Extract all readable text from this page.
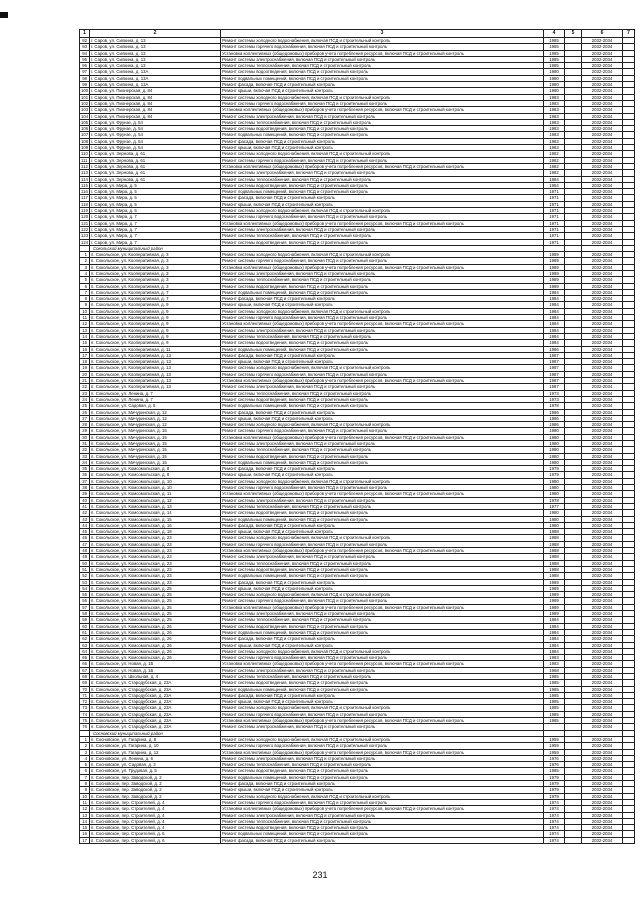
1	2	3	4	5	6	7
92	г. Саров, ул. Силкина, д. 13	Ремонт системы холодного водоснабжения, включая ПСД и строительный контроль	1985		2032-2034	
93	г. Саров, ул. Силкина, д. 13	Ремонт системы горячего водоснабжения, включая ПСД и строительный контроль	1985		2032-2034	
94	г. Саров, ул. Силкина, д. 13	Установка коллективных (общедомовых) приборов учета потребления ресурсов, включая ПСД и строительный контроль	1985		2032-2034	
95	г. Саров, ул. Силкина, д. 13	Ремонт системы электроснабжения, включая ПСД и строительный контроль	1985		2032-2034	
96	г. Саров, ул. Силкина, д. 13	Ремонт системы теплоснабжения, включая ПСД и строительный контроль	1985		2032-2034	
97	г. Саров, ул. Силкина, д. 13А	Ремонт системы водоотведения, включая ПСД и строительный контроль	1980		2032-2034	
98	г. Саров, ул. Силкина, д. 13А	Ремонт подвальных помещений, включая ПСД и строительный контроль	1980		2032-2034	
99	г. Саров, ул. Силкина, д. 13А	Ремонт фасада, включая ПСД и строительный контроль	1980		2032-2034	
100	г. Саров, ул. Пионерская, д. 84	Ремонт крыши, включая ПСД и строительный контроль	1980		2032-2034	
101	г. Саров, ул. Пионерская, д. 84	Ремонт системы холодного водоснабжения, включая ПСД и строительный контроль	1983		2032-2034	
102	г. Саров, ул. Пионерская, д. 84	Ремонт системы горячего водоснабжения, включая ПСД и строительный контроль	1983		2032-2034	
103	г. Саров, ул. Пионерская, д. 84	Установка коллективных (общедомовых) приборов учета потребления ресурсов, включая ПСД и строительный контроль	1983		2032-2034	
104	г. Саров, ул. Пионерская, д. 84	Ремонт системы электроснабжения, включая ПСД и строительный контроль	1983		2032-2034	
105	г. Саров, ул. Фрунзе, д. 54	Ремонт системы теплоснабжения, включая ПСД и строительный контроль	1983		2032-2034	
106	г. Саров, ул. Фрунзе, д. 54	Ремонт системы водоотведения, включая ПСД и строительный контроль	1983		2032-2034	
107	г. Саров, ул. Фрунзе, д. 54	Ремонт подвальных помещений, включая ПСД и строительный контроль	1983		2032-2034	
108	г. Саров, ул. Фрунзе, д. 54	Ремонт фасада, включая ПСД и строительный контроль	1983		2032-2034	
109	г. Саров, ул. Фрунзе, д. 54	Ремонт крыши, включая ПСД и строительный контроль	1983		2032-2034	
110	г. Саров, ул. Зернова, д. 61	Ремонт системы холодного водоснабжения, включая ПСД и строительный контроль	1982		2032-2034	
111	г. Саров, ул. Зернова, д. 61	Ремонт системы горячего водоснабжения, включая ПСД и строительный контроль	1982		2032-2034	
112	г. Саров, ул. Зернова, д. 61	Установка коллективных (общедомовых) приборов учета потребления ресурсов, включая ПСД и строительный контроль	1982		2032-2034	
113	г. Саров, ул. Зернова, д. 61	Ремонт системы электроснабжения, включая ПСД и строительный контроль	1982		2032-2034	
114	г. Саров, ул. Зернова, д. 61	Ремонт системы теплоснабжения, включая ПСД и строительный контроль	1984		2032-2034	
115	г. Саров, ул. Мира, д. 5	Ремонт системы водоотведения, включая ПСД и строительный контроль	1984		2032-2034	
116	г. Саров, ул. Мира, д. 5	Ремонт подвальных помещений, включая ПСД и строительный контроль	1971		2032-2034	
117	г. Саров, ул. Мира, д. 5	Ремонт фасада, включая ПСД и строительный контроль	1971		2032-2034	
118	г. Саров, ул. Мира, д. 5	Ремонт крыши, включая ПСД и строительный контроль	1971		2032-2034	
119	г. Саров, ул. Мира, д. 5	Ремонт системы холодного водоснабжения, включая ПСД и строительный контроль	1971		2032-2034	
120	г. Саров, ул. Мира, д. 7	Ремонт системы горячего водоснабжения, включая ПСД и строительный контроль	1971		2032-2034	
121	г. Саров, ул. Мира, д. 7	Установка коллективных (общедомовых) приборов учета потребления ресурсов, включая ПСД и строительный контроль	1971		2032-2034	
122	г. Саров, ул. Мира, д. 7	Ремонт системы электроснабжения, включая ПСД и строительный контроль	1971		2032-2034	
123	г. Саров, ул. Мира, д. 7	Ремонт системы теплоснабжения, включая ПСД и строительный контроль	1971		2032-2034	
124	г. Саров, ул. Мира, д. 7	Ремонт системы водоотведения, включая ПСД и строительный контроль	1971		2032-2034	
	Сокольский муниципальный район					
1	п. Сокольское, ул. Кооперативная, д. 3	Ремонт системы холодного водоснабжения, включая ПСД и строительный контроль	1989		2032-2034	
2	п. Сокольское, ул. Кооперативная, д. 3	Ремонт системы горячего водоснабжения, включая ПСД и строительный контроль	1989		2032-2034	
3	п. Сокольское, ул. Кооперативная, д. 3	Установка коллективных (общедомовых) приборов учета потребления ресурсов, включая ПСД и строительный контроль	1989		2032-2034	
4	п. Сокольское, ул. Кооперативная, д. 3	Ремонт системы электроснабжения, включая ПСД и строительный контроль	1989		2032-2034	
5	п. Сокольское, ул. Кооперативная, д. 3	Ремонт системы теплоснабжения, включая ПСД и строительный контроль	1989		2032-2034	
6	п. Сокольское, ул. Кооперативная, д. 3	Ремонт системы водоотведения, включая ПСД и строительный контроль	1989		2032-2034	
7	п. Сокольское, ул. Кооперативная, д. 7	Ремонт подвальных помещений, включая ПСД и строительный контроль	1984		2032-2034	
8	п. Сокольское, ул. Кооперативная, д. 7	Ремонт фасада, включая ПСД и строительный контроль	1984		2032-2034	
9	п. Сокольское, ул. Кооперативная, д. 9	Ремонт крыши, включая ПСД и строительный контроль	1984		2032-2034	
10	п. Сокольское, ул. Кооперативная, д. 9	Ремонт системы холодного водоснабжения, включая ПСД и строительный контроль	1984		2032-2034	
11	п. Сокольское, ул. Кооперативная, д. 9	Ремонт системы горячего водоснабжения, включая ПСД и строительный контроль	1984		2032-2034	
12	п. Сокольское, ул. Кооперативная, д. 9	Установка коллективных (общедомовых) приборов учета потребления ресурсов, включая ПСД и строительный контроль	1984		2032-2034	
13	п. Сокольское, ул. Кооперативная, д. 9	Ремонт системы электроснабжения, включая ПСД и строительный контроль	1984		2032-2034	
14	п. Сокольское, ул. Кооперативная, д. 9	Ремонт системы теплоснабжения, включая ПСД и строительный контроль	1984		2032-2034	
15	п. Сокольское, ул. Кооперативная, д. 9	Ремонт системы водоотведения, включая ПСД и строительный контроль	1984		2032-2034	
16	п. Сокольское, ул. Кооперативная, д. 11	Ремонт подвальных помещений, включая ПСД и строительный контроль	1986		2032-2034	
17	п. Сокольское, ул. Кооперативная, д. 13	Ремонт фасада, включая ПСД и строительный контроль	1987		2032-2034	
18	п. Сокольское, ул. Кооперативная, д. 13	Ремонт крыши, включая ПСД и строительный контроль	1987		2032-2034	
19	п. Сокольское, ул. Кооперативная, д. 13	Ремонт системы холодного водоснабжения, включая ПСД и строительный контроль	1987		2032-2034	
20	п. Сокольское, ул. Кооперативная, д. 13	Ремонт системы горячего водоснабжения, включая ПСД и строительный контроль	1987		2032-2034	
21	п. Сокольское, ул. Кооперативная, д. 13	Установка коллективных (общедомовых) приборов учета потребления ресурсов, включая ПСД и строительный контроль	1987		2032-2034	
22	п. Сокольское, ул. Кооперативная, д. 13	Ремонт системы электроснабжения, включая ПСД и строительный контроль	1987		2032-2034	
23	п. Сокольское, ул. Ленина, д. 7	Ремонт системы теплоснабжения, включая ПСД и строительный контроль	1973		2032-2034	
24	п. Сокольское, ул. Ленина, д. 7	Ремонт системы водоотведения, включая ПСД и строительный контроль	1973		2032-2034	
25	п. Сокольское, ул. Садовая, д. 6	Ремонт подвальных помещений, включая ПСД и строительный контроль	1978		2032-2034	
26	п. Сокольское, ул. Мичуринская, д. 12	Ремонт фасада, включая ПСД и строительный контроль	1986		2032-2034	
27	п. Сокольское, ул. Мичуринская, д. 12	Ремонт крыши, включая ПСД и строительный контроль	1986		2032-2034	
28	п. Сокольское, ул. Мичуринская, д. 12	Ремонт системы холодного водоснабжения, включая ПСД и строительный контроль	1986		2032-2034	
29	п. Сокольское, ул. Мичуринская, д. 15	Ремонт системы горячего водоснабжения, включая ПСД и строительный контроль	1980		2032-2034	
30	п. Сокольское, ул. Мичуринская, д. 15	Установка коллективных (общедомовых) приборов учета потребления ресурсов, включая ПСД и строительный контроль	1980		2032-2034	
31	п. Сокольское, ул. Мичуринская, д. 15	Ремонт системы электроснабжения, включая ПСД и строительный контроль	1980		2032-2034	
32	п. Сокольское, ул. Мичуринская, д. 15	Ремонт системы теплоснабжения, включая ПСД и строительный контроль	1980		2032-2034	
33	п. Сокольское, ул. Мичуринская, д. 15	Ремонт системы водоотведения, включая ПСД и строительный контроль	1980		2032-2034	
34	п. Сокольское, ул. Мичуринская, д. 15	Ремонт подвальных помещений, включая ПСД и строительный контроль	1980		2032-2034	
35	п. Сокольское, ул. Комсомольская, д. 8	Ремонт фасада, включая ПСД и строительный контроль	1979		2032-2034	
36	п. Сокольское, ул. Комсомольская, д. 8	Ремонт крыши, включая ПСД и строительный контроль	1979		2032-2034	
37	п. Сокольское, ул. Комсомольская, д. 10	Ремонт системы холодного водоснабжения, включая ПСД и строительный контроль	1980		2032-2034	
38	п. Сокольское, ул. Комсомольская, д. 10	Ремонт системы горячего водоснабжения, включая ПСД и строительный контроль	1980		2032-2034	
39	п. Сокольское, ул. Комсомольская, д. 11	Установка коллективных (общедомовых) приборов учета потребления ресурсов, включая ПСД и строительный контроль	1980		2032-2034	
40	п. Сокольское, ул. Комсомольская, д. 12	Ремонт системы электроснабжения, включая ПСД и строительный контроль	1978		2032-2034	
41	п. Сокольское, ул. Комсомольская, д. 13	Ремонт системы теплоснабжения, включая ПСД и строительный контроль	1977		2032-2034	
42	п. Сокольское, ул. Комсомольская, д. 14	Ремонт системы водоотведения, включая ПСД и строительный контроль	1980		2032-2034	
43	п. Сокольское, ул. Комсомольская, д. 15	Ремонт подвальных помещений, включая ПСД и строительный контроль	1980		2032-2034	
44	п. Сокольское, ул. Комсомольская, д. 16	Ремонт фасада, включая ПСД и строительный контроль	1980		2032-2034	
45	п. Сокольское, ул. Комсомольская, д. 18	Ремонт крыши, включая ПСД и строительный контроль	1988		2032-2034	
46	п. Сокольское, ул. Комсомольская, д. 23	Ремонт системы холодного водоснабжения, включая ПСД и строительный контроль	1988		2032-2034	
47	п. Сокольское, ул. Комсомольская, д. 23	Ремонт системы горячего водоснабжения, включая ПСД и строительный контроль	1988		2032-2034	
48	п. Сокольское, ул. Комсомольская, д. 23	Установка коллективных (общедомовых) приборов учета потребления ресурсов, включая ПСД и строительный контроль	1988		2032-2034	
49	п. Сокольское, ул. Комсомольская, д. 23	Ремонт системы электроснабжения, включая ПСД и строительный контроль	1988		2032-2034	
50	п. Сокольское, ул. Комсомольская, д. 23	Ремонт системы теплоснабжения, включая ПСД и строительный контроль	1988		2032-2034	
51	п. Сокольское, ул. Комсомольская, д. 23	Ремонт системы водоотведения, включая ПСД и строительный контроль	1988		2032-2034	
52	п. Сокольское, ул. Комсомольская, д. 23	Ремонт подвальных помещений, включая ПСД и строительный контроль	1988		2032-2034	
53	п. Сокольское, ул. Комсомольская, д. 23	Ремонт фасада, включая ПСД и строительный контроль	1989		2032-2034	
54	п. Сокольское, ул. Комсомольская, д. 25	Ремонт крыши, включая ПСД и строительный контроль	1989		2032-2034	
55	п. Сокольское, ул. Комсомольская, д. 25	Ремонт системы холодного водоснабжения, включая ПСД и строительный контроль	1989		2032-2034	
56	п. Сокольское, ул. Комсомольская, д. 25	Ремонт системы горячего водоснабжения, включая ПСД и строительный контроль	1989		2032-2034	
57	п. Сокольское, ул. Комсомольская, д. 25	Установка коллективных (общедомовых) приборов учета потребления ресурсов, включая ПСД и строительный контроль	1989		2032-2034	
58	п. Сокольское, ул. Комсомольская, д. 25	Ремонт системы электроснабжения, включая ПСД и строительный контроль	1989		2032-2034	
59	п. Сокольское, ул. Комсомольская, д. 25	Ремонт системы теплоснабжения, включая ПСД и строительный контроль	1984		2032-2034	
60	п. Сокольское, ул. Комсомольская, д. 26	Ремонт системы водоотведения, включая ПСД и строительный контроль	1984		2032-2034	
61	п. Сокольское, ул. Комсомольская, д. 26	Ремонт подвальных помещений, включая ПСД и строительный контроль	1984		2032-2034	
62	п. Сокольское, ул. Комсомольская, д. 26	Ремонт фасада, включая ПСД и строительный контроль	1984		2032-2034	
63	п. Сокольское, ул. Комсомольская, д. 26	Ремонт крыши, включая ПСД и строительный контроль	1984		2032-2034	
64	п. Сокольское, ул. Комсомольская, д. 26	Ремонт системы холодного водоснабжения, включая ПСД и строительный контроль	1984		2032-2034	
65	п. Сокольское, ул. Комсомольская, д. 26	Ремонт системы горячего водоснабжения, включая ПСД и строительный контроль	1983		2032-2034	
66	п. Сокольское, ул. Новая, д. 1Б	Установка коллективных (общедомовых) приборов учета потребления ресурсов, включая ПСД и строительный контроль	1983		2032-2034	
67	п. Сокольское, ул. Новая, д. 1Б	Ремонт системы электроснабжения, включая ПСД и строительный контроль	1968		2032-2034	
68	п. Сокольское, ул. Школьная, д. 4	Ремонт системы теплоснабжения, включая ПСД и строительный контроль	1985		2032-2034	
69	п. Сокольское, ул. Стародубская, д. 23А	Ремонт системы водоотведения, включая ПСД и строительный контроль	1985		2032-2034	
70	п. Сокольское, ул. Стародубская, д. 23А	Ремонт подвальных помещений, включая ПСД и строительный контроль	1985		2032-2034	
71	п. Сокольское, ул. Стародубская, д. 23А	Ремонт фасада, включая ПСД и строительный контроль	1985		2032-2034	
72	п. Сокольское, ул. Стародубская, д. 23А	Ремонт крыши, включая ПСД и строительный контроль	1985		2032-2034	
73	п. Сокольское, ул. Стародубская, д. 23А	Ремонт системы холодного водоснабжения, включая ПСД и строительный контроль	1985		2032-2034	
74	п. Сокольское, ул. Стародубская, д. 23А	Ремонт системы горячего водоснабжения, включая ПСД и строительный контроль	1985		2032-2034	
75	п. Сокольское, ул. Стародубская, д. 23А	Установка коллективных (общедомовых) приборов учета потребления ресурсов, включая ПСД и строительный контроль	1985		2032-2034	
76	п. Сокольское, ул. Стародубская, д. 23А	Ремонт системы электроснабжения, включая ПСД и строительный контроль			2032-2034	
	Сосновский муниципальный район					
1	п. Сосновское, ул. Гагарина, д. 8	Ремонт системы холодного водоснабжения, включая ПСД и строительный контроль	1959		2032-2034	
2	п. Сосновское, ул. Гагарина, д. 10	Ремонт системы горячего водоснабжения, включая ПСД и строительный контроль	1959		2032-2034	
3	п. Сосновское, ул. Гагарина, д. 12	Установка коллективных (общедомовых) приборов учета потребления ресурсов, включая ПСД и строительный контроль	1959		2032-2034	
4	п. Сосновское, ул. Ленина, д. 6	Ремонт системы электроснабжения, включая ПСД и строительный контроль	1976		2032-2034	
5	п. Сосновское, ул. Садовая, д. 3	Ремонт системы теплоснабжения, включая ПСД и строительный контроль	1976		2032-2034	
6	п. Сосновское, ул. Трудовая, д. 5	Ремонт системы водоотведения, включая ПСД и строительный контроль	1985		2032-2034	
7	п. Сосновское, пер. Заводской, д. 2	Ремонт подвальных помещений, включая ПСД и строительный контроль	1979		2032-2034	
8	п. Сосновское, пер. Заводской, д. 2	Ремонт фасада, включая ПСД и строительный контроль	1979		2032-2034	
9	п. Сосновское, пер. Заводской, д. 2	Ремонт крыши, включая ПСД и строительный контроль	1979		2032-2034	
10	п. Сосновское, пер. Заводской, д. 2	Ремонт системы холодного водоснабжения, включая ПСД и строительный контроль	1979		2032-2034	
11	п. Сосновское, пер. Строителей, д. 4	Ремонт системы горячего водоснабжения, включая ПСД и строительный контроль	1974		2032-2034	
12	п. Сосновское, пер. Строителей, д. 4	Установка коллективных (общедомовых) приборов учета потребления ресурсов, включая ПСД и строительный контроль	1974		2032-2034	
13	п. Сосновское, пер. Строителей, д. 4	Ремонт системы электроснабжения, включая ПСД и строительный контроль	1974		2032-2034	
14	п. Сосновское, пер. Строителей, д. 4	Ремонт системы теплоснабжения, включая ПСД и строительный контроль	1974		2032-2034	
15	п. Сосновское, пер. Строителей, д. 4	Ремонт системы водоотведения, включая ПСД и строительный контроль	1974		2032-2034	
16	п. Сосновское, пер. Строителей, д. 6	Ремонт подвальных помещений, включая ПСД и строительный контроль	1974		2032-2034	
17	п. Сосновское, пер. Строителей, д. 6	Ремонт фасада, включая ПСД и строительный контроль	1974		2032-2034	
231
